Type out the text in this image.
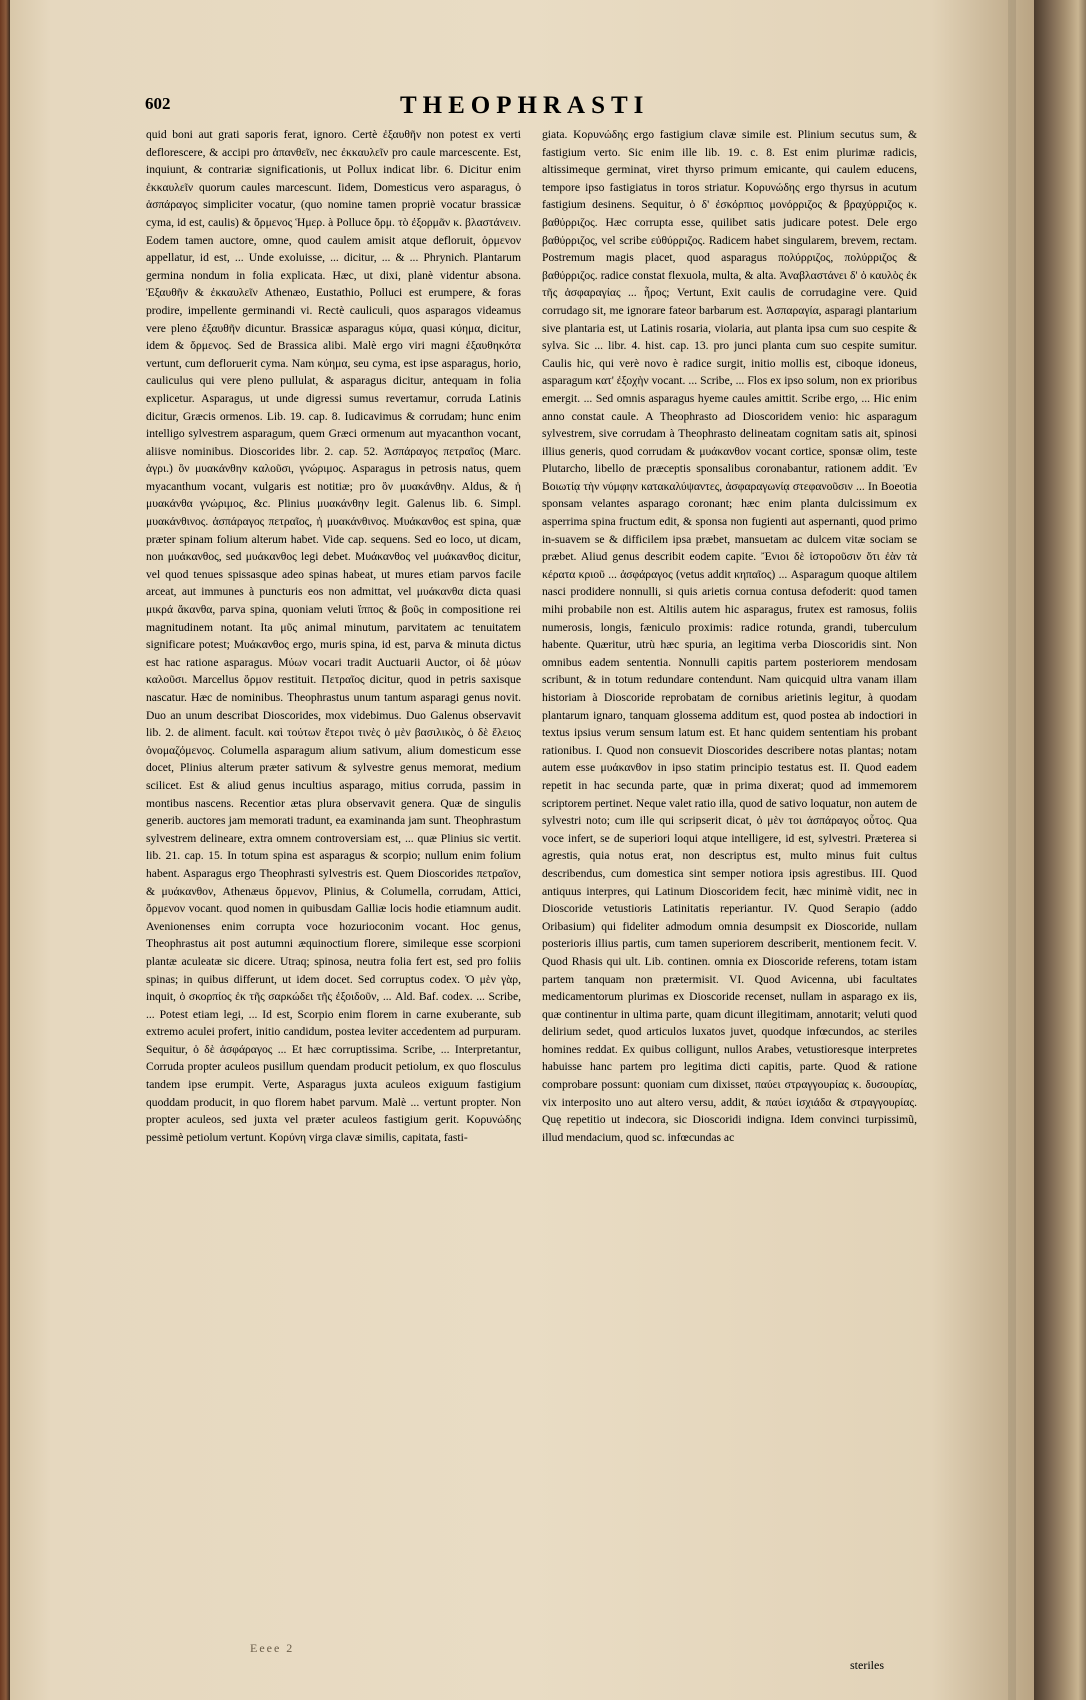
602	THEOPHRASTI

quid boni aut grati saporis ferat, ignoro. Certè ἐξαυθῆν non potest ex verti deflorescere, & accipi pro ἀπανθεῖν, nec ἐκκαυλεῖν pro caule marcescente. Est, inquiunt, & contrariæ significationis, ut Pollux indicat libr. 6. Dicitur enim ἐκκαυλεῖν quorum caules marcescunt. Iidem, Domesticus vero asparagus, ὁ ἀσπάραγος simpliciter vocatur, (quo nomine tamen propriè vocatur brassicæ cyma, id est, caulis) & ὄρμενος Ἡμερ. à Polluce ὄρμ. τὸ ἐξορμᾶν κ. βλαστάνειν. Eodem tamen auctore, omne, quod caulem amisit atque defloruit, ὀρμενον appellatur, id est, ... Unde exoluisse, ... dicitur, ... & ... Phrynich. Plantarum germina nondum in folia explicata. Hæc, ut dixi, planè videntur absona. Ἐξαυθῆν & ἐκκαυλεῖν Athenæo, Eustathio, Polluci est erumpere, & foras prodire, impellente germinandi vi. Rectè cauliculi, quos asparagos videamus vere pleno ἐξαυθῆν dicuntur. Brassicæ asparagus κύμα, quasi κύημα, dicitur, idem & ὄρμενος. Sed de Brassica alibi. Malè ergo viri magni ἐξαυθηκότα vertunt, cum defloruerit cyma. Nam κύημα, seu cyma, est ipse asparagus, horio, cauliculus qui vere pleno pullulat, & asparagus dicitur, antequam in folia explicetur. Asparagus, ut unde digressi sumus revertamur, corruda Latinis dicitur, Græcis ormenos. Lib. 19. cap. 8. Iudicavimus & corrudam; hunc enim intelligo sylvestrem asparagum, quem Græci ormenum aut myacanthon vocant, aliisve nominibus. Dioscorides libr. 2. cap. 52. Ἀσπάραγος πετραῖος (Marc. ἀγρι.) ὃν μυακάνθην καλοῦσι, γνώριμος. Asparagus in petrosis natus, quem myacanthum vocant, vulgaris est notitiæ; pro ὃν μυακάνθην. Aldus, & ἡ μυακάνθα γνώριμος, &c. Plinius μυακάνθην legit. Galenus lib. 6. Simpl. μυακάνθινος. ἀσπάραγος πετραῖος, ἡ μυακάνθινος. Μυάκανθος est spina, quæ præter spinam folium alterum habet. Vide cap. sequens. Sed eo loco, ut dicam, non μυάκανθος, sed μυάκανθος legi debet. Μυάκανθος vel μυάκανθος dicitur, vel quod tenues spissasque adeo spinas habeat, ut mures etiam parvos facile arceat, aut immunes à puncturis eos non admittat, vel μυάκανθα dicta quasi μικρά ἄκανθα, parva spina, quoniam veluti ἵππος & βοῦς in compositione rei magnitudinem notant. Ita μῦς animal minutum, parvitatem ac tenuitatem significare potest; Μυάκανθος ergo, muris spina, id est, parva & minuta dictus est hac ratione asparagus. Μύων vocari tradit Auctuarii Auctor, οἱ δὲ μύων καλοῦσι. Marcellus ὄρμον restituit. Πετραῖος dicitur, quod in petris saxisque nascatur. Hæc de nominibus. Theophrastus unum tantum asparagi genus novit. Duo an unum describat Dioscorides, mox videbimus. Duo Galenus observavit lib. 2. de aliment. facult. καὶ τούτων ἕτεροι τινὲς ὁ μὲν βασιλικὸς, ὁ δὲ ἕλειος ὀνομαζόμενος. Columella asparagum alium sativum, alium domesticum esse docet, Plinius alterum præter sativum & sylvestre genus memorat, medium scilicet. Est & aliud genus incultius asparago, mitius corruda, passim in montibus nascens. Recentior ætas plura observavit genera. Quæ de singulis generib. auctores jam memorati tradunt, ea examinanda jam sunt. Theophrastum sylvestrem delineare, extra omnem controversiam est, ... quæ Plinius sic vertit. lib. 21. cap. 15. In totum spina est asparagus & scorpio; nullum enim folium habent. Asparagus ergo Theophrasti sylvestris est. Quem Dioscorides πετραῖον, & μυάκανθον, Athenæus ὄρμενον, Plinius, & Columella, corrudam, Attici, ὄρμενον vocant. quod nomen in quibusdam Galliæ locis hodie etiamnum audit. Avenionenses enim corrupta voce hozurioconim vocant. Hoc genus, Theophrastus ait post autumni æquinoctium florere, simileque esse scorpioni plantæ aculeatæ sic dicere. Utraq; spinosa, neutra folia fert est, sed pro foliis spinas; in quibus differunt, ut idem docet. Sed corruptus codex. Ὁ μὲν γὰρ, inquit, ὁ σκορπίος ἐκ τῆς σαρκώδει τῆς ἐξοιδοῦν, ... Ald. Baf. codex. ... Scribe, ... Potest etiam legi, ... Id est, Scorpio enim florem in carne exuberante, sub extremo aculei profert, initio candidum, postea leviter accedentem ad purpuram. Sequitur, ὁ δὲ ἀσφάραγος ... Et hæc corruptissima. Scribe, ... Interpretantur, Corruda propter aculeos pusillum quendam producit petiolum, ex quo flosculus tandem ipse erumpit. Verte, Asparagus juxta aculeos exiguum fastigium quoddam producit, in quo florem habet parvum. Malè ... vertunt propter. Non propter aculeos, sed juxta vel præter aculeos fastigium gerit. Κορυνώδης pessimè petiolum vertunt. Κορύνη virga clavæ similis, capitata, fasti-

giata. Κορυνώδης ergo fastigium clavæ simile est. Plinium secutus sum, & fastigium verto. Sic enim ille lib. 19. c. 8. Est enim plurimæ radicis, altissimeque germinat, viret thyrso primum emicante, qui caulem educens, tempore ipso fastigiatus in toros striatur. Κορυνώδης ergo thyrsus in acutum fastigium desinens. Sequitur, ὁ δ' ἐσκόρπιος μονόρριζος & βραχύρριζος κ. βαθύρριζος. Hæc corrupta esse, quilibet satis judicare potest. Dele ergo βαθύρριζος, vel scribe εὐθύρριζος. Radicem habet singularem, brevem, rectam. Postremum magis placet, quod asparagus πολύρριζος, πολύρριζος & βαθύρριζος. radice constat flexuola, multa, & alta. Ἀναβλαστάνει δ' ὁ καυλὸς ἐκ τῆς ἀσφαραγίας ... ἦρος; Vertunt, Exit caulis de corrudagine vere. Quid corrudago sit, me ignorare fateor barbarum est. Ἀσπαραγία, asparagi plantarium sive plantaria est, ut Latinis rosaria, violaria, aut planta ipsa cum suo cespite & sylva. Sic ... libr. 4. hist. cap. 13. pro junci planta cum suo cespite sumitur. Caulis hic, qui verè novo è radice surgit, initio mollis est, ciboque idoneus, asparagum κατ' ἐξοχὴν vocant. ... Scribe, ... Flos ex ipso solum, non ex prioribus emergit. ... Sed omnis asparagus hyeme caules amittit. Scribe ergo, ... Hic enim anno constat caule. A Theophrasto ad Dioscoridem venio: hic asparagum sylvestrem, sive corrudam à Theophrasto delineatam cognitam satis ait, spinosi illius generis, quod corrudam & μυάκανθον vocant cortice, sponsæ olim, teste Plutarcho, libello de præceptis sponsalibus coronabantur, rationem addit. Ἐν Βοιωτίᾳ τὴν νύμφην κατακαλύψαντες, ἀσφαραγωνίᾳ στεφανοῦσιν ... In Boeotia sponsam velantes asparago coronant; hæc enim planta dulcissimum ex asperrima spina fructum edit, & sponsa non fugienti aut aspernanti, quod primo in-suavem se & difficilem ipsa præbet, mansuetam ac dulcem vitæ sociam se præbet. Aliud genus describit eodem capite. Ἔνιοι δὲ ἱστοροῦσιν ὅτι ἐὰν τὰ κέρατα κριοῦ ... ἀσφάραγος (vetus addit κηπαῖος) ... Asparagum quoque altilem nasci prodidere nonnulli, si quis arietis cornua contusa defoderit: quod tamen mihi probabile non est. Altilis autem hic asparagus, frutex est ramosus, foliis numerosis, longis, fæniculo proximis: radice rotunda, grandi, tuberculum habente. Quæritur, utrù hæc spuria, an legitima verba Dioscoridis sint. Non omnibus eadem sententia. Nonnulli capitis partem posteriorem mendosam scribunt, & in totum redundare contendunt. Nam quicquid ultra vanam illam historiam à Dioscoride reprobatam de cornibus arietinis legitur, à quodam plantarum ignaro, tanquam glossema additum est, quod postea ab indoctiori in textus ipsius verum sensum latum est. Et hanc quidem sententiam his probant rationibus. I. Quod non consuevit Dioscorides describere notas plantas; notam autem esse μυάκανθον in ipso statim principio testatus est. II. Quod eadem repetit in hac secunda parte, quæ in prima dixerat; quod ad immemorem scriptorem pertinet. Neque valet ratio illa, quod de sativo loquatur, non autem de sylvestri noto; cum ille qui scripserit dicat, ὁ μὲν τοι ἀσπάραγος οὗτος. Qua voce infert, se de superiori loqui atque intelligere, id est, sylvestri. Præterea si agrestis, quia notus erat, non descriptus est, multo minus fuit cultus describendus, cum domestica sint semper notiora ipsis agrestibus. III. Quod antiquus interpres, qui Latinum Dioscoridem fecit, hæc minimè vidit, nec in Dioscoride vetustioris Latinitatis reperiantur. IV. Quod Serapio (addo Oribasium) qui fideliter admodum omnia desumpsit ex Dioscoride, nullam posterioris illius partis, cum tamen superiorem describerit, mentionem fecit. V. Quod Rhasis qui ult. Lib. continen. omnia ex Dioscoride referens, totam istam partem tanquam non prætermisit. VI. Quod Avicenna, ubi facultates medicamentorum plurimas ex Dioscoride recenset, nullam in asparago ex iis, quæ continentur in ultima parte, quam dicunt illegitimam, annotarit; veluti quod delirium sedet, quod articulos luxatos juvet, quodque infœcundos, ac steriles homines reddat. Ex quibus colligunt, nullos Arabes, vetustioresque interpretes habuisse hanc partem pro legitima dicti capitis, parte. Quod & ratione comprobare possunt: quoniam cum dixisset, παύει στραγγουρίας κ. δυσουρίας, vix interposito uno aut altero versu, addit, & παύει ἰσχιάδα & στραγγουρίας. Quę repetitio ut indecora, sic Dioscoridi indigna. Idem convinci turpissimũ, illud mendacium, quod sc. infœcundas ac

Eeee 2
steriles
